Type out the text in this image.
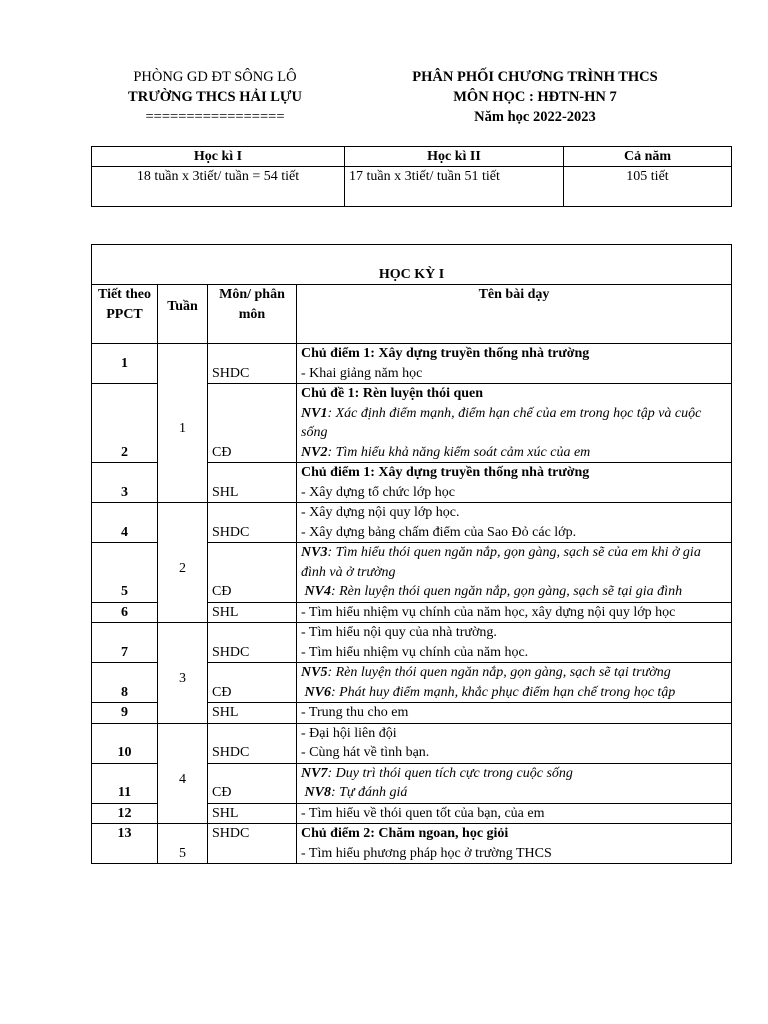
PHÒNG GD ĐT SÔNG LÔ
TRƯỜNG THCS HẢI LỰU
=================
PHÂN PHỐI CHƯƠNG TRÌNH THCS
MÔN HỌC : HĐTN-HN 7
Năm học 2022-2023
Học kì I	Học kì II	Cả năm
18 tuần x 3tiết/ tuần = 54 tiết	17 tuần x 3tiết/ tuần 51 tiết	105 tiết
HỌC KỲ I			
Tiết theo PPCT	Tuần	Môn/ phân môn	Tên bài dạy
1	1	SHDC	Chủ điểm 1: Xây dựng truyền thống nhà trường
- Khai giảng năm học

2		CĐ	Chủ đề 1: Rèn luyện thói quen
NV1: Xác định điểm mạnh, điểm hạn chế của em trong học tập và cuộc sống
NV2: Tìm hiểu khả năng kiểm soát cảm xúc của em

3		SHL	Chủ điểm 1: Xây dựng truyền thống nhà trường
- Xây dựng tổ chức lớp học

4	2	SHDC	- Xây dựng nội quy lớp học.
- Xây dựng bảng chấm điểm của Sao Đỏ các lớp.

5		CĐ	NV3: Tìm hiểu thói quen ngăn nắp, gọn gàng, sạch sẽ của em khi ở gia đình và ở trường
NV4: Rèn luyện thói quen ngăn nắp, gọn gàng, sạch sẽ tại gia đình

6		SHL	- Tìm hiểu nhiệm vụ chính của năm học, xây dựng nội quy lớp học

7	3	SHDC	- Tìm hiểu nội quy của nhà trường.
- Tìm hiểu nhiệm vụ chính của năm học.

8		CĐ	NV5: Rèn luyện thói quen ngăn nắp, gọn gàng, sạch sẽ tại trường
NV6: Phát huy điểm mạnh, khắc phục điểm hạn chế trong học tập

9		SHL	- Trung thu cho em

10	4	SHDC	- Đại hội liên đội
- Cùng hát về tình bạn.

11		CĐ	NV7: Duy trì thói quen tích cực trong cuộc sống
NV8: Tự đánh giá

12		SHL	- Tìm hiểu về thói quen tốt của bạn, của em

13	5	SHDC	Chủ điểm 2: Chăm ngoan, học giỏi
- Tìm hiểu phương pháp học ở trường THCS
